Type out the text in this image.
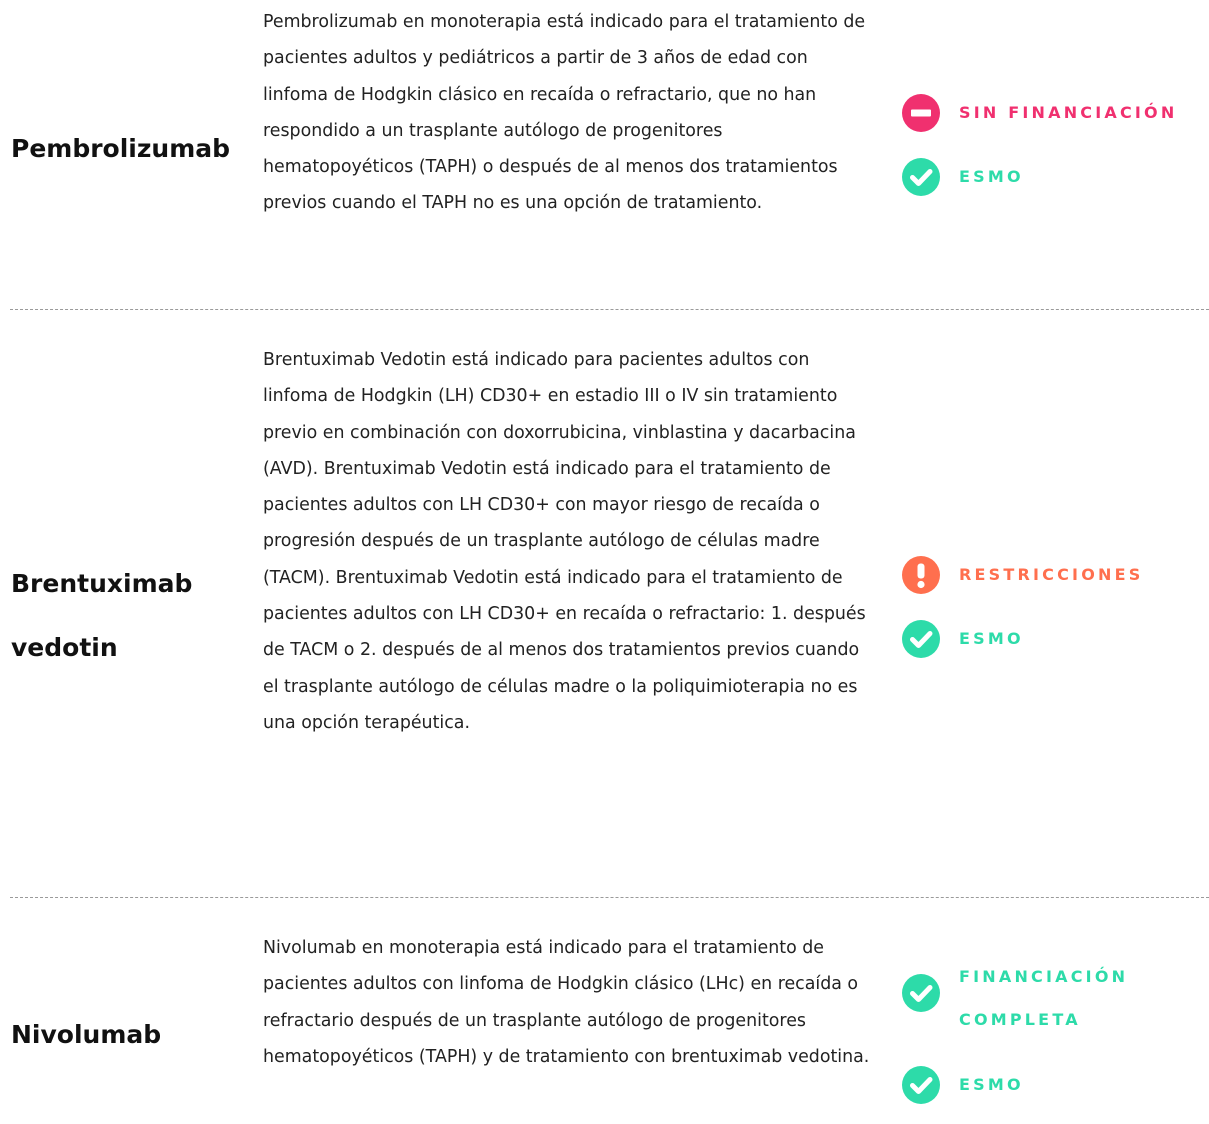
Pembrolizumab

Pembrolizumab en monoterapia está indicado para el tratamiento de pacientes adultos y pediátricos a partir de 3 años de edad con linfoma de Hodgkin clásico en recaída o refractario, que no han respondido a un trasplante autólogo de progenitores hematopoyéticos (TAPH) o después de al menos dos tratamientos previos cuando el TAPH no es una opción de tratamiento.

SIN FINANCIACIÓN
ESMO
Brentuximab vedotin

Brentuximab Vedotin está indicado para pacientes adultos con linfoma de Hodgkin (LH) CD30+ en estadio III o IV sin tratamiento previo en combinación con doxorrubicina, vinblastina y dacarbacina (AVD). Brentuximab Vedotin está indicado para el tratamiento de pacientes adultos con LH CD30+ con mayor riesgo de recaída o progresión después de un trasplante autólogo de células madre (TACM). Brentuximab Vedotin está indicado para el tratamiento de pacientes adultos con LH CD30+ en recaída o refractario: 1. después de TACM o 2. después de al menos dos tratamientos previos cuando el trasplante autólogo de células madre o la poliquimioterapia no es una opción terapéutica.

RESTRICCIONES
ESMO
Nivolumab

Nivolumab en monoterapia está indicado para el tratamiento de pacientes adultos con linfoma de Hodgkin clásico (LHc) en recaída o refractario después de un trasplante autólogo de progenitores hematopoyéticos (TAPH) y de tratamiento con brentuximab vedotina.

FINANCIACIÓN COMPLETA
ESMO
